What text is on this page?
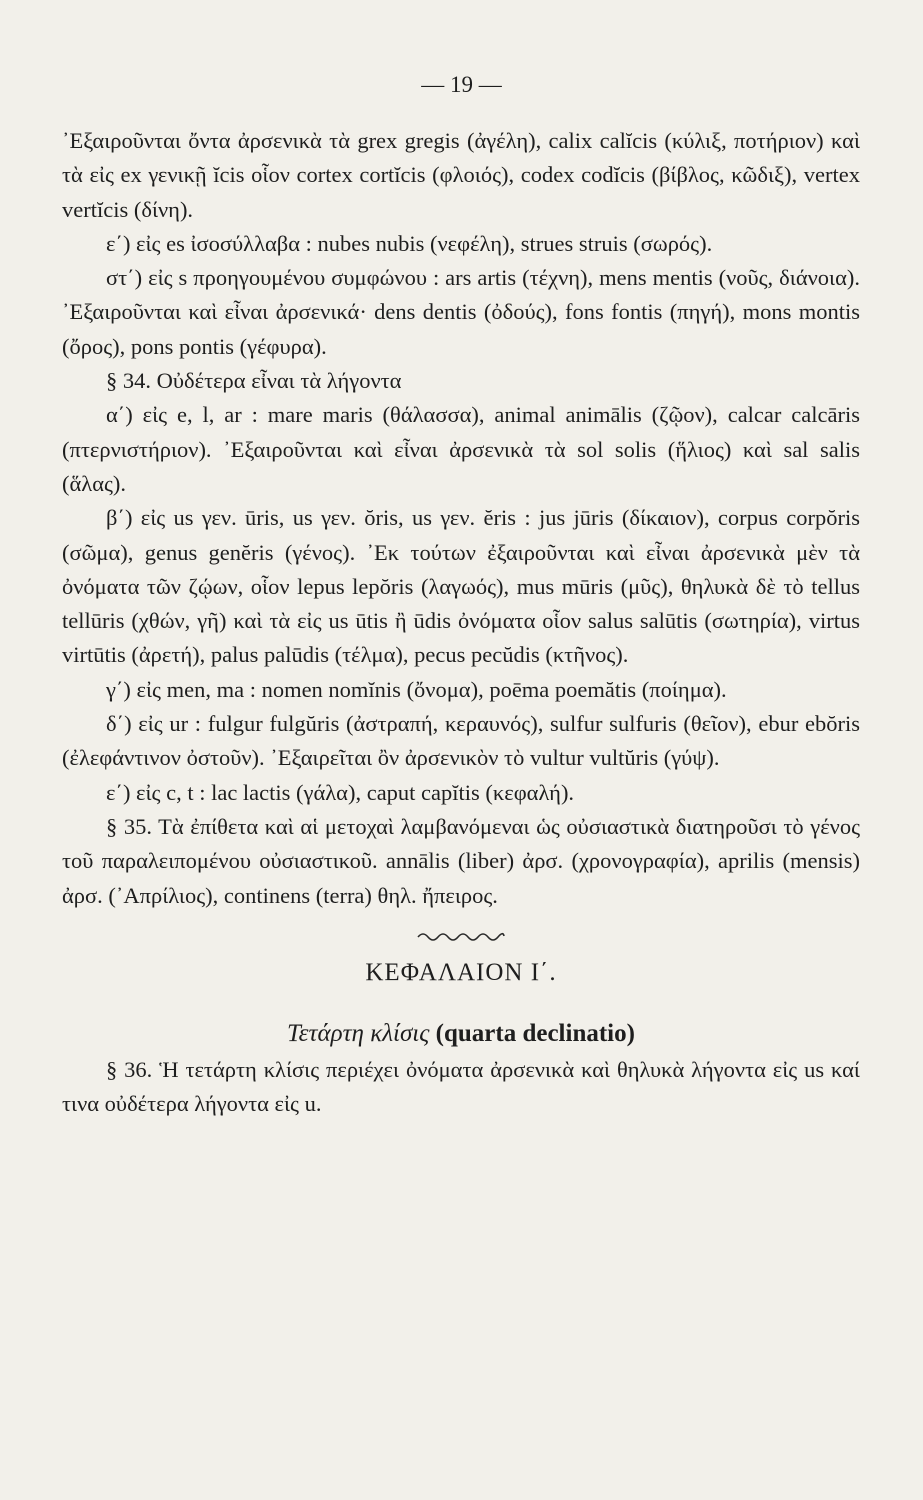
— 19 —

᾿Εξαιροῦνται ὄντα ἀρσενικὰ τὰ grex gregis (ἀγέλη), calix calĭcis (κύλιξ, ποτήριον) καὶ τὰ εἰς ex γενικῇ ĭcis οἷον cortex cortĭcis (φλοιός), codex codĭcis (βίβλος, κῶδιξ), vertex vertĭcis (δίνη).

ε΄) εἰς es ἰσοσύλλαβα : nubes nubis (νεφέλη), strues struis (σωρός).

στ΄) εἰς s προηγουμένου συμφώνου : ars artis (τέχνη), mens mentis (νοῦς, διάνοια). ᾿Εξαιροῦνται καὶ εἶναι ἀρσενικά· dens dentis (ὀδούς), fons fontis (πηγή), mons montis (ὄρος), pons pontis (γέφυρα).

§ 34. Οὐδέτερα εἶναι τὰ λήγοντα

α΄) εἰς e, l, ar : mare maris (θάλασσα), animal animālis (ζῷον), calcar calcāris (πτερνιστήριον). ᾿Εξαιροῦνται καὶ εἶναι ἀρσενικὰ τὰ sol solis (ἥλιος) καὶ sal salis (ἅλας).

β΄) εἰς us γεν. ūris, us γεν. ŏris, us γεν. ĕris : jus jūris (δίκαιον), corpus corpŏris (σῶμα), genus genĕris (γένος). ᾿Εκ τούτων ἐξαιροῦνται καὶ εἶναι ἀρσενικὰ μὲν τὰ ὀνόματα τῶν ζῴων, οἷον lepus lepŏris (λαγωός), mus mūris (μῦς), θηλυκὰ δὲ τὸ tellus tellūris (χθών, γῆ) καὶ τὰ εἰς us ūtis ἢ ūdis ὀνόματα οἷον salus salūtis (σωτηρία), virtus virtūtis (ἀρετή), palus palūdis (τέλμα), pecus pecŭdis (κτῆνος).

γ΄) εἰς men, ma : nomen nomĭnis (ὄνομα), poēma poemătis (ποίημα).

δ΄) εἰς ur : fulgur fulgŭris (ἀστραπή, κεραυνός), sulfur sulfuris (θεῖον), ebur ebŏris (ἐλεφάντινον ὀστοῦν). ᾿Εξαιρεῖται ὂν ἀρσενικὸν τὸ vultur vultŭris (γύψ).

ε΄) εἰς c, t : lac lactis (γάλα), caput capĭtis (κεφαλή).

§ 35. Τὰ ἐπίθετα καὶ αἱ μετοχαὶ λαμβανόμεναι ὡς οὐσιαστικὰ διατηροῦσι τὸ γένος τοῦ παραλειπομένου οὐσιαστικοῦ. annālis (liber) ἀρσ. (χρονογραφία), aprilis (mensis) ἀρσ. (᾿Απρίλιος), continens (terra) θηλ. ἤπειρος.

ΚΕΦΑΛΑΙΟΝ Ι΄.
Τετάρτη κλίσις (quarta declinatio)

§ 36. Ἡ τετάρτη κλίσις περιέχει ὀνόματα ἀρσενικὰ καὶ θηλυκὰ λήγοντα εἰς us καί τινα οὐδέτερα λήγοντα εἰς u.
